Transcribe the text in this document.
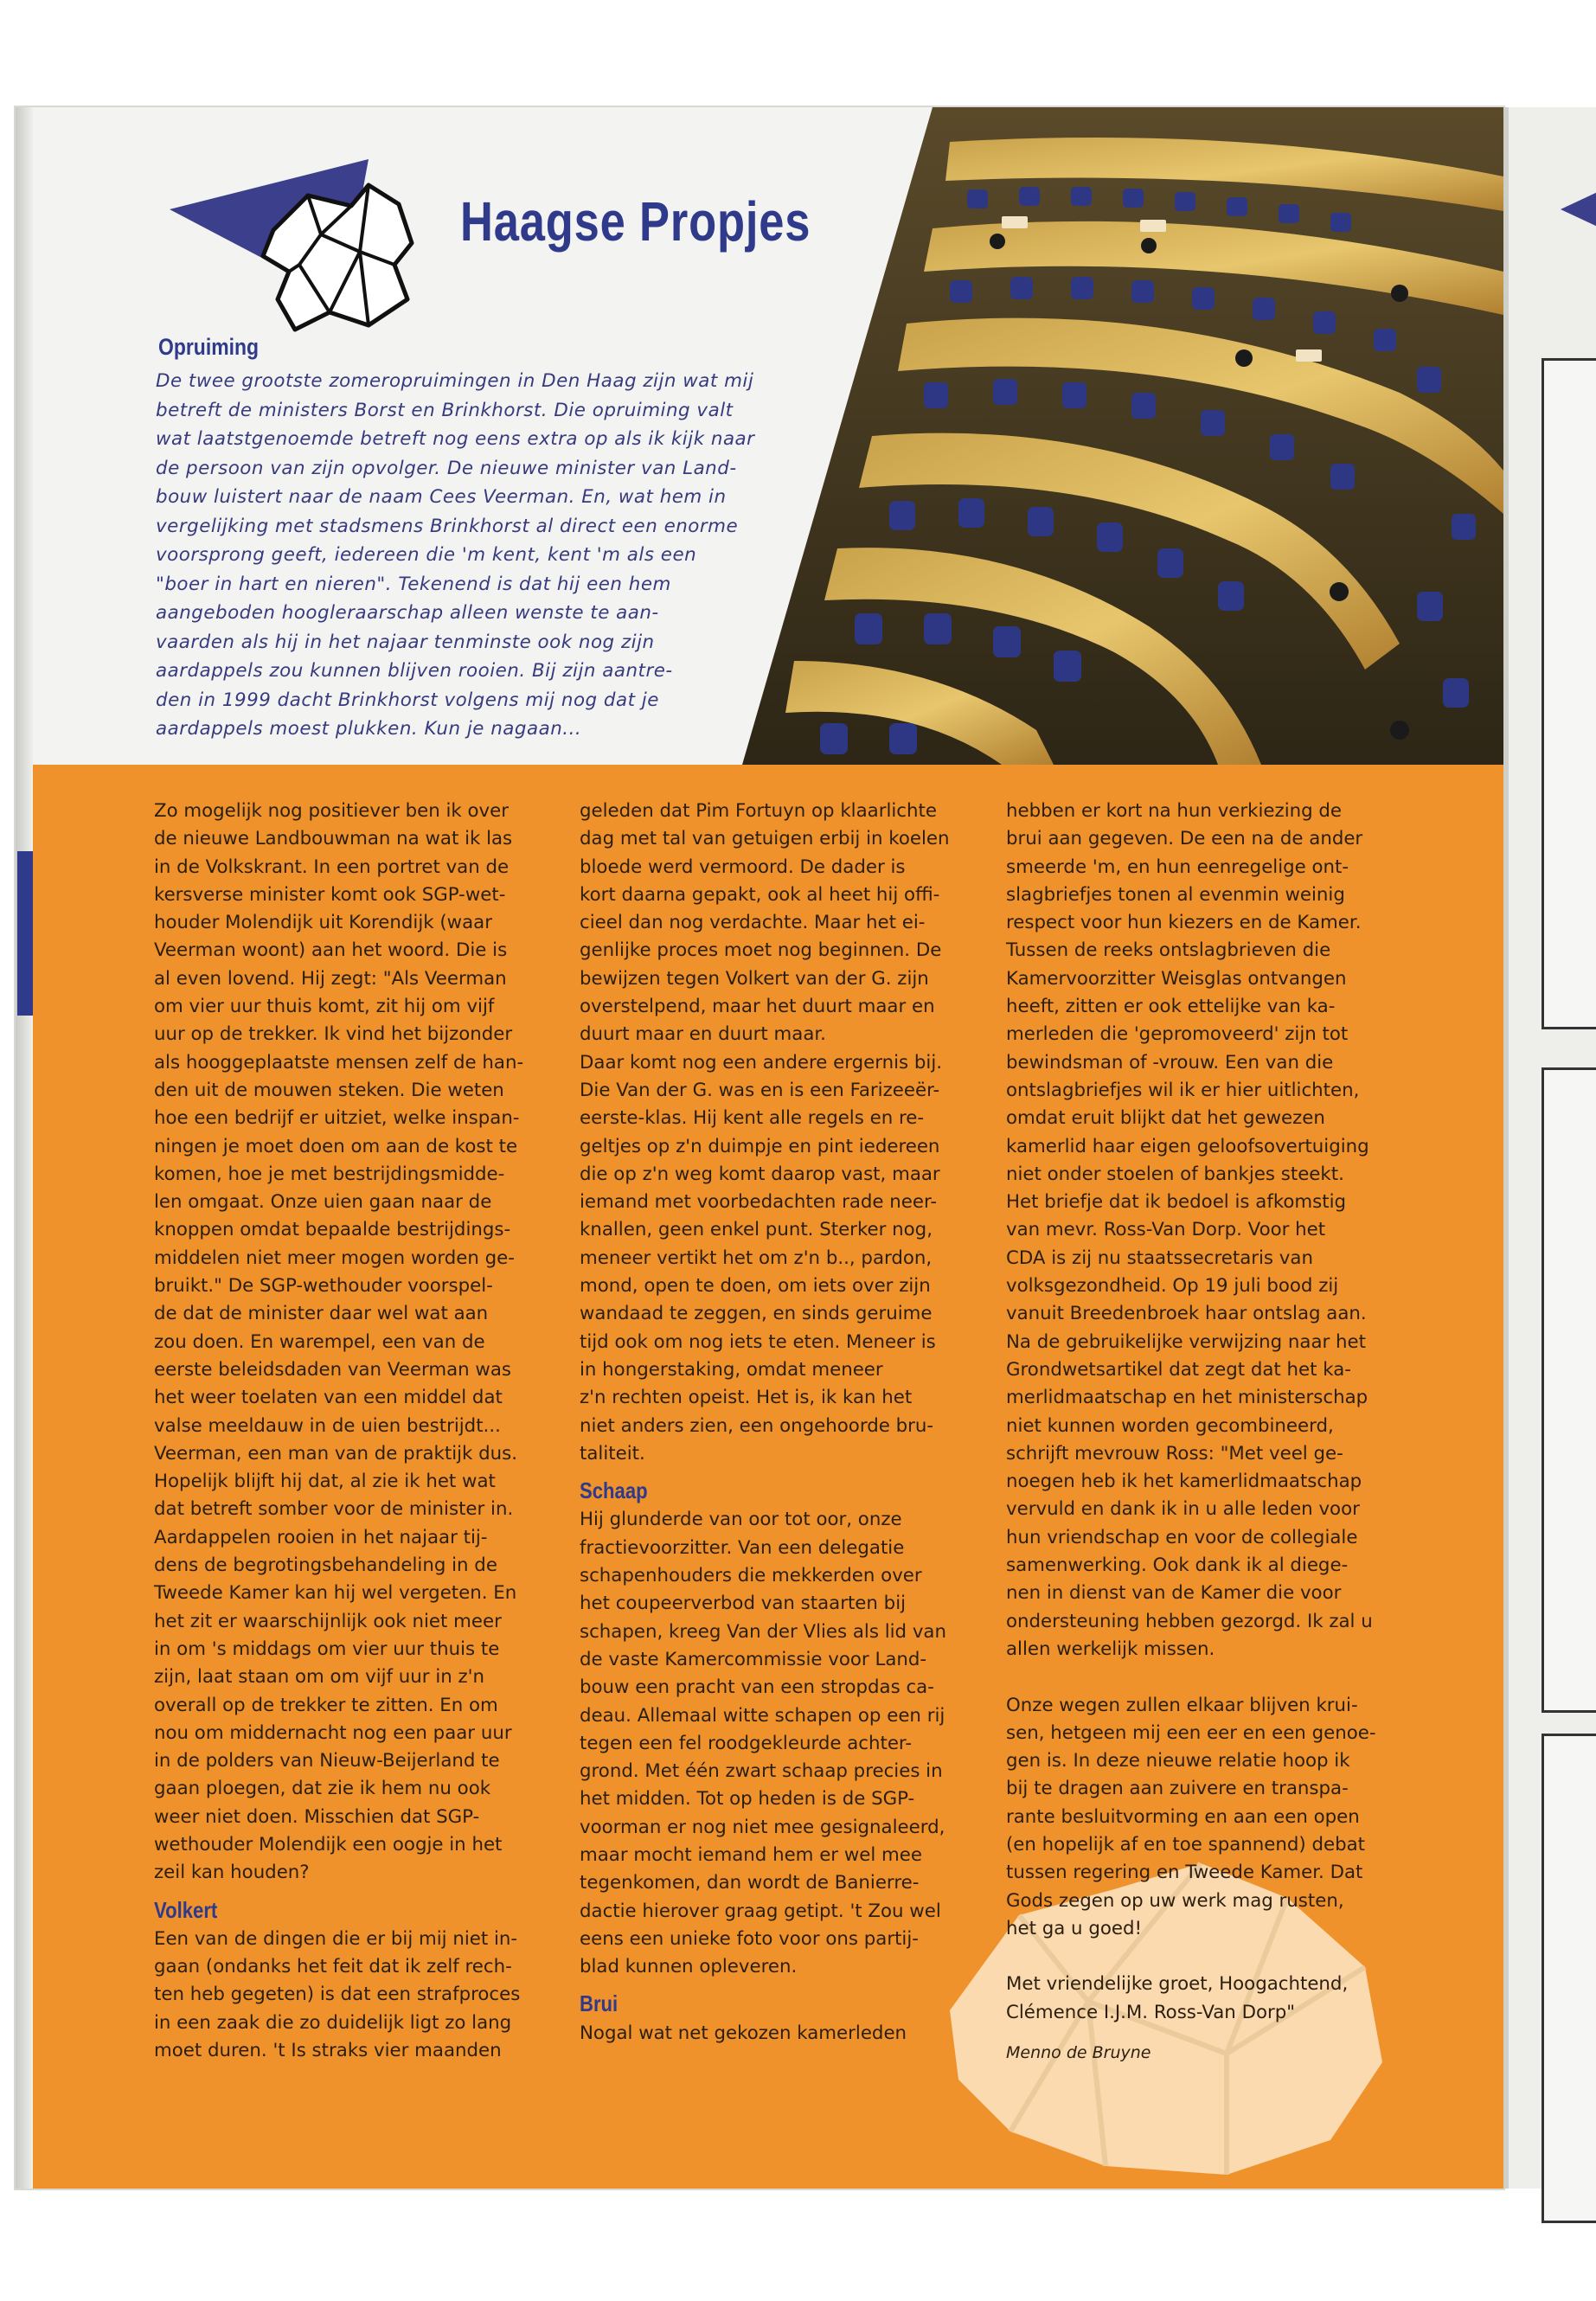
Haagse Propjes
Opruiming

De twee grootste zomeropruimingen in Den Haag zijn wat mij
betreft de ministers Borst en Brinkhorst. Die opruiming valt
wat laatstgenoemde betreft nog eens extra op als ik kijk naar
de persoon van zijn opvolger. De nieuwe minister van Land-
bouw luistert naar de naam Cees Veerman. En, wat hem in
vergelijking met stadsmens Brinkhorst al direct een enorme
voorsprong geeft, iedereen die 'm kent, kent 'm als een
"boer in hart en nieren". Tekenend is dat hij een hem
aangeboden hoogleraarschap alleen wenste te aan-
vaarden als hij in het najaar tenminste ook nog zijn
aardappels zou kunnen blijven rooien. Bij zijn aantre-
den in 1999 dacht Brinkhorst volgens mij nog dat je
aardappels moest plukken. Kun je nagaan...

Zo mogelijk nog positiever ben ik over
de nieuwe Landbouwman na wat ik las
in de Volkskrant. In een portret van de
kersverse minister komt ook SGP-wet-
houder Molendijk uit Korendijk (waar
Veerman woont) aan het woord. Die is
al even lovend. Hij zegt: "Als Veerman
om vier uur thuis komt, zit hij om vijf
uur op de trekker. Ik vind het bijzonder
als hooggeplaatste mensen zelf de han-
den uit de mouwen steken. Die weten
hoe een bedrijf er uitziet, welke inspan-
ningen je moet doen om aan de kost te
komen, hoe je met bestrijdingsmidde-
len omgaat. Onze uien gaan naar de
knoppen omdat bepaalde bestrijdings-
middelen niet meer mogen worden ge-
bruikt." De SGP-wethouder voorspel-
de dat de minister daar wel wat aan
zou doen. En warempel, een van de
eerste beleidsdaden van Veerman was
het weer toelaten van een middel dat
valse meeldauw in de uien bestrijdt...
Veerman, een man van de praktijk dus.
Hopelijk blijft hij dat, al zie ik het wat
dat betreft somber voor de minister in.
Aardappelen rooien in het najaar tij-
dens de begrotingsbehandeling in de
Tweede Kamer kan hij wel vergeten. En
het zit er waarschijnlijk ook niet meer
in om 's middags om vier uur thuis te
zijn, laat staan om om vijf uur in z'n
overall op de trekker te zitten. En om
nou om middernacht nog een paar uur
in de polders van Nieuw-Beijerland te
gaan ploegen, dat zie ik hem nu ook
weer niet doen. Misschien dat SGP-
wethouder Molendijk een oogje in het
zeil kan houden?
Volkert
Een van de dingen die er bij mij niet in-
gaan (ondanks het feit dat ik zelf rech-
ten heb gegeten) is dat een strafproces
in een zaak die zo duidelijk ligt zo lang
moet duren. 't Is straks vier maanden
geleden dat Pim Fortuyn op klaarlichte
dag met tal van getuigen erbij in koelen
bloede werd vermoord. De dader is
kort daarna gepakt, ook al heet hij offi-
cieel dan nog verdachte. Maar het ei-
genlijke proces moet nog beginnen. De
bewijzen tegen Volkert van der G. zijn
overstelpend, maar het duurt maar en
duurt maar en duurt maar.
Daar komt nog een andere ergernis bij.
Die Van der G. was en is een Farizeeër-
eerste-klas. Hij kent alle regels en re-
geltjes op z'n duimpje en pint iedereen
die op z'n weg komt daarop vast, maar
iemand met voorbedachten rade neer-
knallen, geen enkel punt. Sterker nog,
meneer vertikt het om z'n b.., pardon,
mond, open te doen, om iets over zijn
wandaad te zeggen, en sinds geruime
tijd ook om nog iets te eten. Meneer is
in hongerstaking, omdat meneer
z'n rechten opeist. Het is, ik kan het
niet anders zien, een ongehoorde bru-
taliteit.
Schaap
Hij glunderde van oor tot oor, onze
fractievoorzitter. Van een delegatie
schapenhouders die mekkerden over
het coupeerverbod van staarten bij
schapen, kreeg Van der Vlies als lid van
de vaste Kamercommissie voor Land-
bouw een pracht van een stropdas ca-
deau. Allemaal witte schapen op een rij
tegen een fel roodgekleurde achter-
grond. Met één zwart schaap precies in
het midden. Tot op heden is de SGP-
voorman er nog niet mee gesignaleerd,
maar mocht iemand hem er wel mee
tegenkomen, dan wordt de Banierre-
dactie hierover graag getipt. 't Zou wel
eens een unieke foto voor ons partij-
blad kunnen opleveren.
Brui
Nogal wat net gekozen kamerleden
hebben er kort na hun verkiezing de
brui aan gegeven. De een na de ander
smeerde 'm, en hun eenregelige ont-
slagbriefjes tonen al evenmin weinig
respect voor hun kiezers en de Kamer.
Tussen de reeks ontslagbrieven die
Kamervoorzitter Weisglas ontvangen
heeft, zitten er ook ettelijke van ka-
merleden die 'gepromoveerd' zijn tot
bewindsman of -vrouw. Een van die
ontslagbriefjes wil ik er hier uitlichten,
omdat eruit blijkt dat het gewezen
kamerlid haar eigen geloofsovertuiging
niet onder stoelen of bankjes steekt.
Het briefje dat ik bedoel is afkomstig
van mevr. Ross-Van Dorp. Voor het
CDA is zij nu staatssecretaris van
volksgezondheid. Op 19 juli bood zij
vanuit Breedenbroek haar ontslag aan.
Na de gebruikelijke verwijzing naar het
Grondwetsartikel dat zegt dat het ka-
merlidmaatschap en het ministerschap
niet kunnen worden gecombineerd,
schrijft mevrouw Ross: "Met veel ge-
noegen heb ik het kamerlidmaatschap
vervuld en dank ik in u alle leden voor
hun vriendschap en voor de collegiale
samenwerking. Ook dank ik al diege-
nen in dienst van de Kamer die voor
ondersteuning hebben gezorgd. Ik zal u
allen werkelijk missen.
Onze wegen zullen elkaar blijven krui-
sen, hetgeen mij een eer en een genoe-
gen is. In deze nieuwe relatie hoop ik
bij te dragen aan zuivere en transpa-
rante besluitvorming en aan een open
(en hopelijk af en toe spannend) debat
tussen regering en Tweede Kamer. Dat
Gods zegen op uw werk mag rusten,
het ga u goed!
Met vriendelijke groet, Hoogachtend,
Clémence I.J.M. Ross-Van Dorp"
Menno de Bruyne
